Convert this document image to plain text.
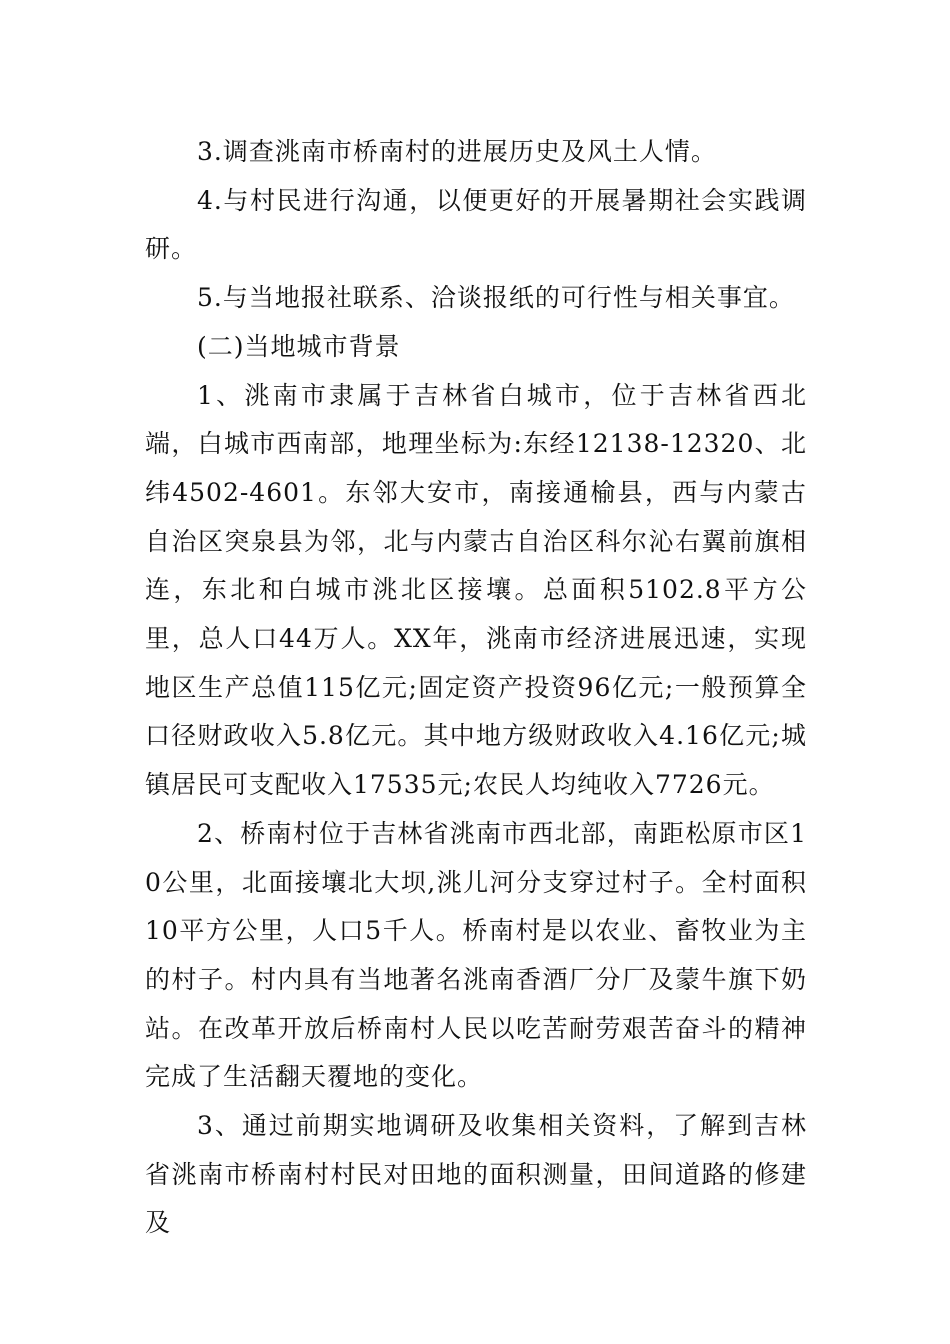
3.调查洮南市桥南村的进展历史及风土人情。

4.与村民进行沟通，以便更好的开展暑期社会实践调研。

5.与当地报社联系、洽谈报纸的可行性与相关事宜。

(二)当地城市背景

1、洮南市隶属于吉林省白城市，位于吉林省西北端，白城市西南部，地理坐标为:东经12138-12320、北纬4502-4601。东邻大安市，南接通榆县，西与内蒙古自治区突泉县为邻，北与内蒙古自治区科尔沁右翼前旗相连，东北和白城市洮北区接壤。总面积5102.8平方公里，总人口44万人。XX年，洮南市经济进展迅速，实现地区生产总值115亿元;固定资产投资96亿元;一般预算全口径财政收入5.8亿元。其中地方级财政收入4.16亿元;城镇居民可支配收入17535元;农民人均纯收入7726元。

2、桥南村位于吉林省洮南市西北部，南距松原市区10公里，北面接壤北大坝,洮儿河分支穿过村子。全村面积10平方公里，人口5千人。桥南村是以农业、畜牧业为主的村子。村内具有当地著名洮南香酒厂分厂及蒙牛旗下奶站。在改革开放后桥南村人民以吃苦耐劳艰苦奋斗的精神完成了生活翻天覆地的变化。

3、通过前期实地调研及收集相关资料，了解到吉林省洮南市桥南村村民对田地的面积测量，田间道路的修建及
